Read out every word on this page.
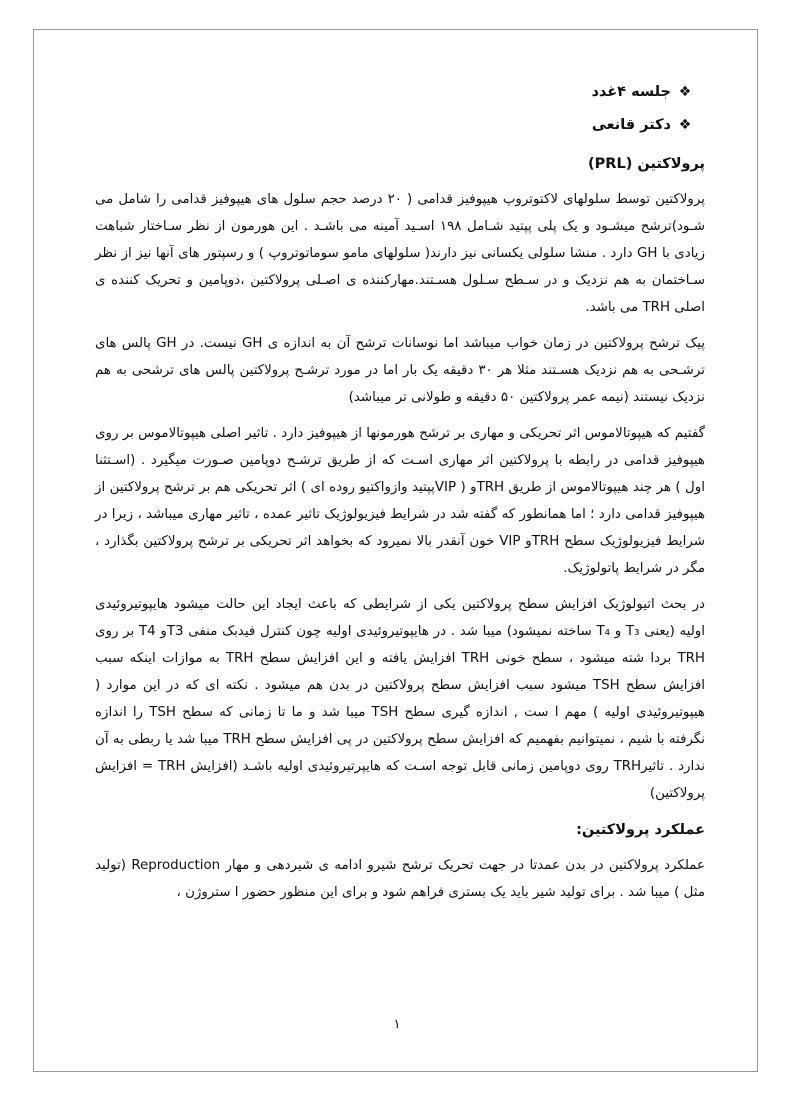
❖
جلسه ۴غدد
❖
دکتر قانعی
پرولاکتین (PRL)

پرولاکتین توسط سلولهای لاکتوتروپ هیپوفیز قدامی ( ۲۰ درصد حجم سلول های هیپوفیز قدامی را شامل می شـود)ترشح میشـود و یک پلی پپتید شـامل ۱۹۸ اسـید آمینه می باشـد . این هورمون از نظر سـاختار شباهت زیادی با GH دارد . منشا سلولی یکسانی نیز دارند( سلولهای مامو سوماتوتروپ ) و رسپتور های آنها نیز از نظر سـاختمان به هم نزدیک و در سـطح سـلول هسـتند.مهارکننده ی اصـلی پرولاکتین ،دوپامین و تحریک کننده ی اصلی TRH می باشد.

پیک ترشح پرولاکتین در زمان خواب میباشد اما نوسانات ترشح آن به اندازه ی GH نیست. در GH پالس های ترشـحی به هم نزدیک هسـتند مثلا هر ۳۰ دقیقه یک بار اما در مورد ترشـح پرولاکتین پالس های ترشحی به هم نزدیک نیستند (نیمه عمر پرولاکتین ۵۰ دقیقه و طولانی تر میباشد)

گفتیم که هیپوتالاموس اثر تحریکی و مهاری بر ترشح هورمونها از هیپوفیز دارد . تاثیر اصلی هیپوتالاموس بر روی هیپوفیز قدامی در رابطه با پرولاکتین اثر مهاری اسـت که از طریق ترشـح دوپامین صـورت میگیرد . (اسـتثنا اول ) هر چند هیپوتالاموس از طریق TRHو ( VIPپپتید وازواکتیو روده ای ) اثر تحریکی هم بر ترشح پرولاکتین از هیپوفیز قدامی دارد ؛ اما همانطور که گفته شد در شرایط فیزیولوژیک تاثیر عمده ، تاثیر مهاری میباشد ، زیرا در شرایط فیزیولوژیک سطح TRHو VIP خون آنقدر بالا نمیرود که بخواهد اثر تحریکی بر ترشح پرولاکتین بگذارد ، مگر در شرایط پاتولوژیک.

در بحث اتیولوژیک افزایش سطح پرولاکتین یکی از شرایطی که باعث ایجاد این حالت میشود هایپوتیروئیدی اولیه (یعنی T₃ و T₄ ساخته نمیشود) میبا شد . در هایپوتیروئیدی اولیه چون کنترل فیدبک منفی T3و T4 بر روی TRH بردا شته میشود ، سطح خونی TRH افزایش یافته و این افزایش سطح TRH به موازات اینکه سبب افزایش سطح TSH میشود سبب افزایش سطح پرولاکتین در بدن هم میشود . نکته ای که در این موارد ( هیپوتیروئیدی اولیه ) مهم ا ست , اندازه گیری سطح TSH میبا شد و ما تا زمانی که سطح TSH را اندازه نگرفته با شیم ، نمیتوانیم بفهمیم که افزایش سطح پرولاکتین در پی افزایش سطح TRH میبا شد یا ربطی به آن ندارد . تاثیرTRH روی دوپامین زمانی قابل توجه اسـت که هایپرتیروئیدی اولیه باشـد (افزایش TRH = افزایش پرولاکتین)

عملکرد پرولاکتین:

عملکرد پرولاکتین در بدن عمدتا در جهت تحریک ترشح شیرو ادامه ی شیردهی و مهار Reproduction (تولید مثل ) میبا شد . برای تولید شیر باید یک بستری فراهم شود و برای این منظور حضور ا ستروژن ،

۱
